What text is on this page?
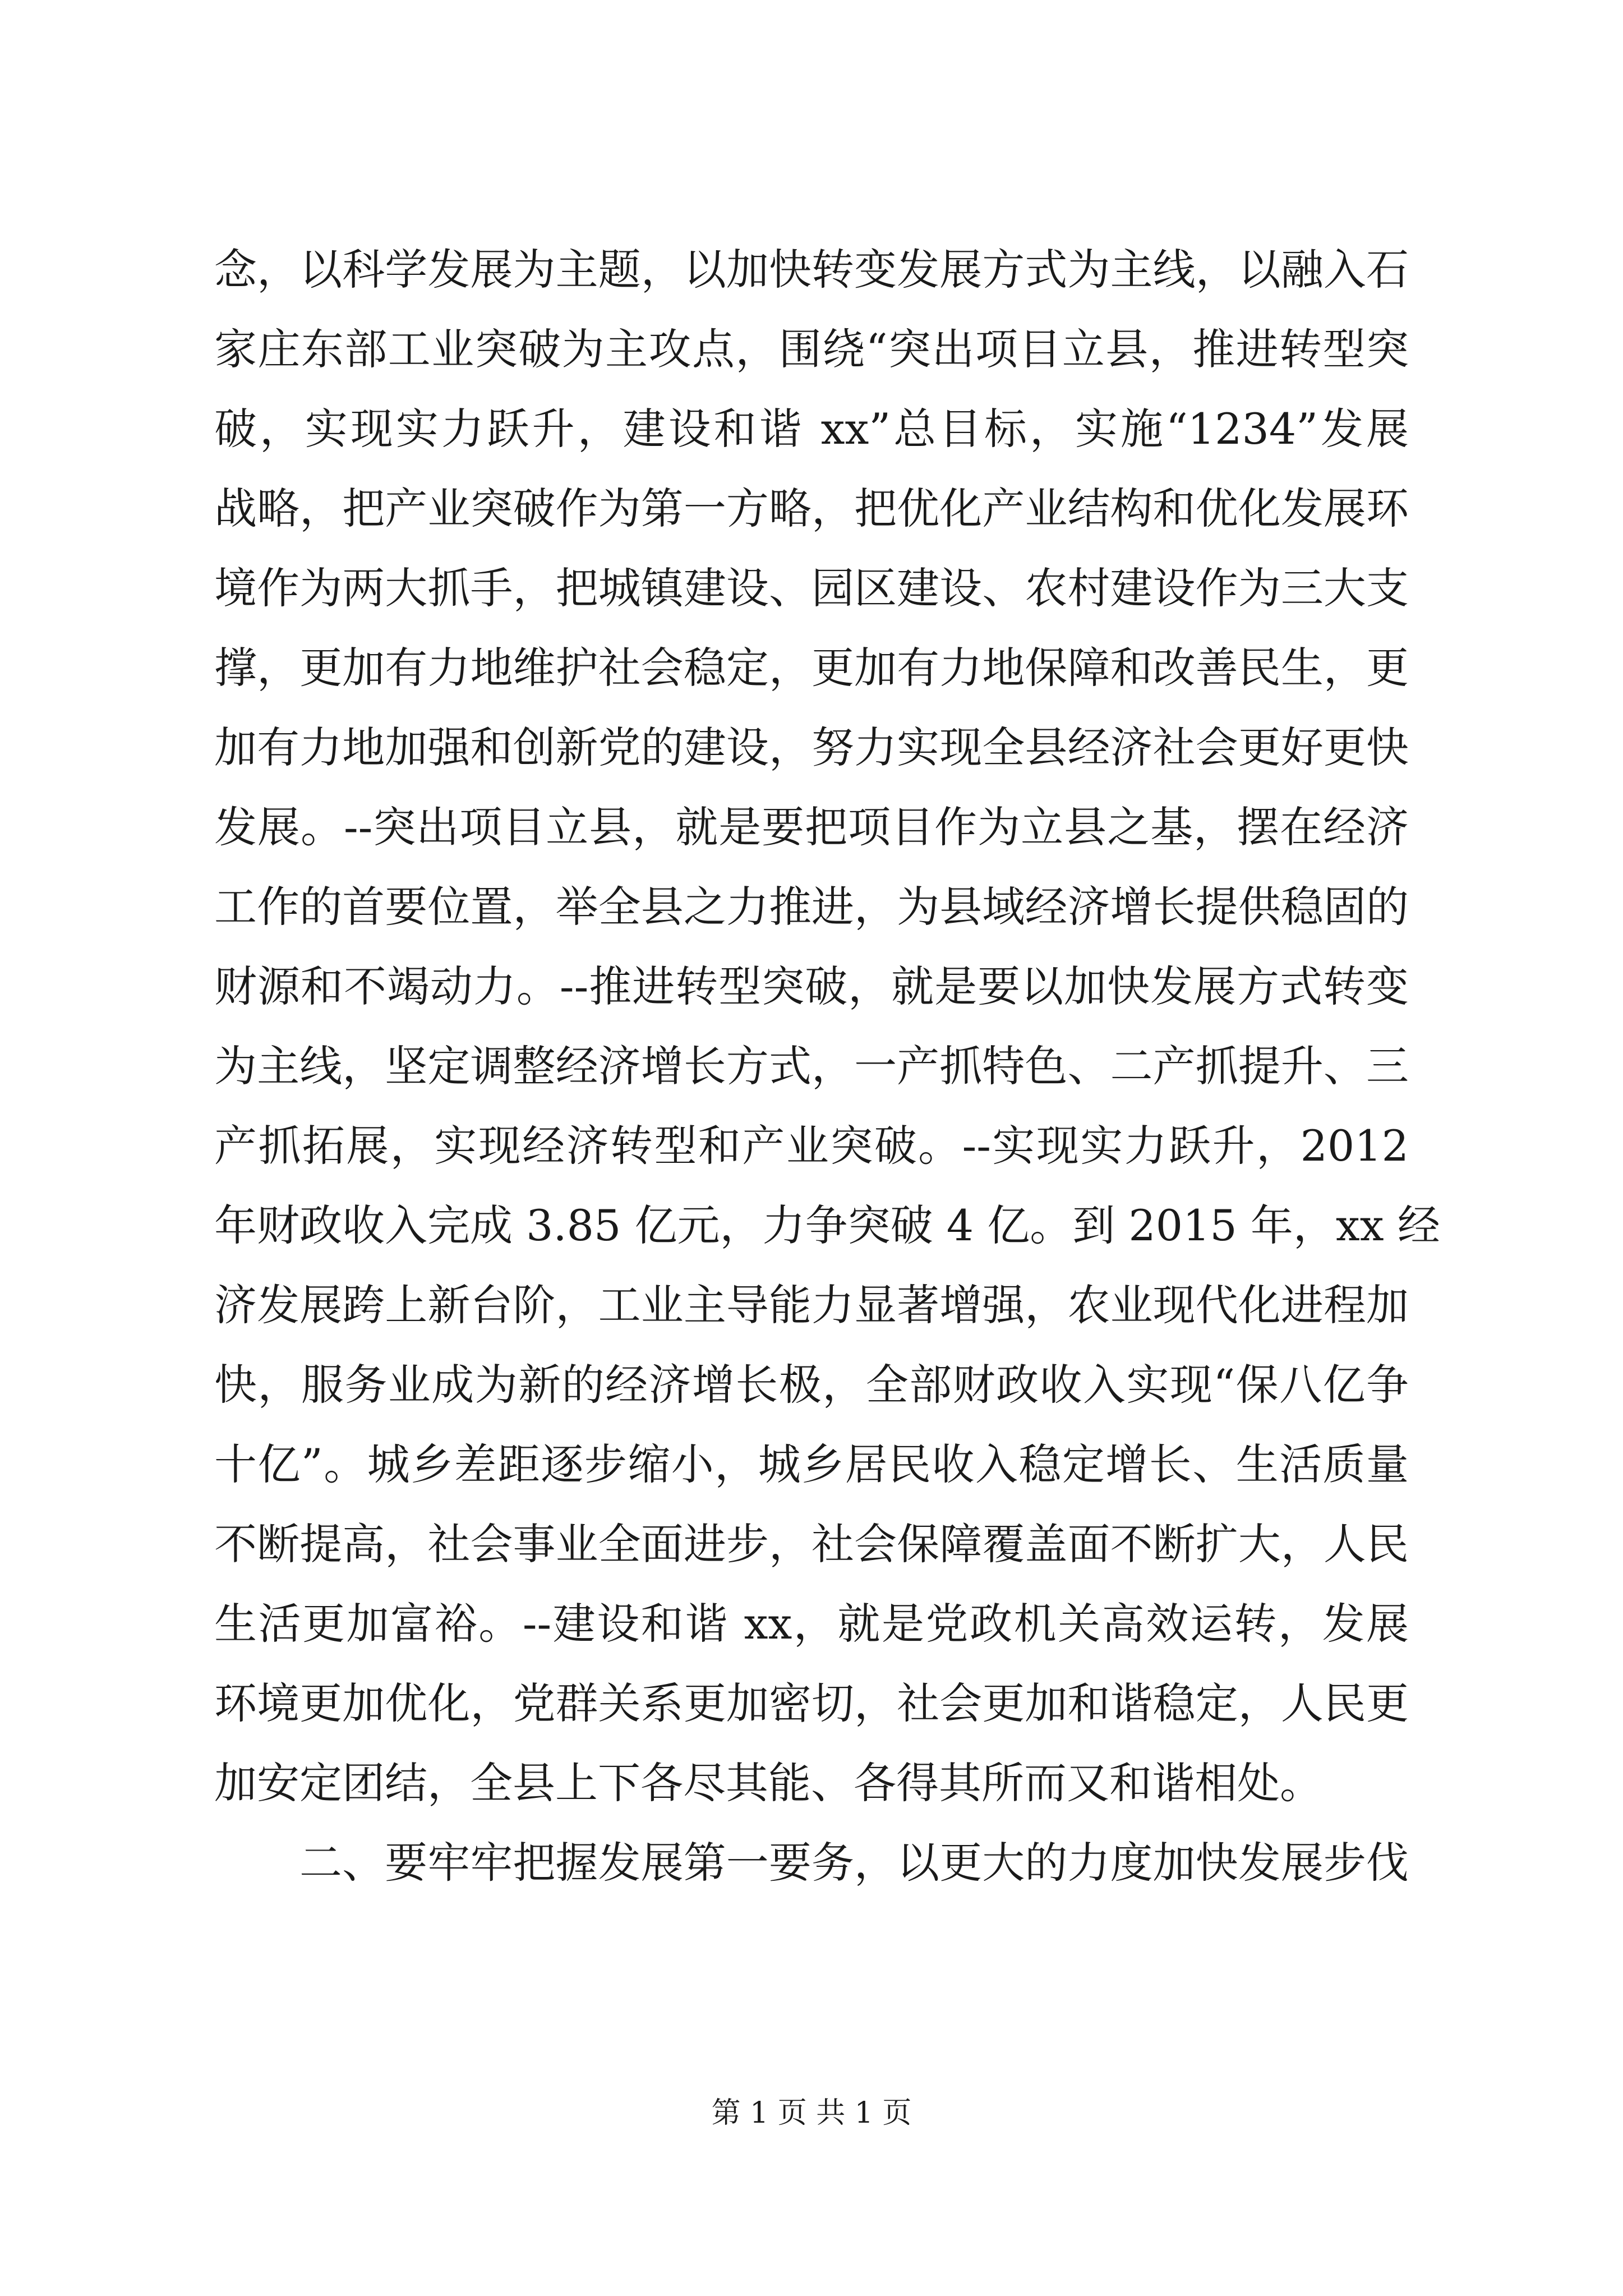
念，以科学发展为主题，以加快转变发展方式为主线，以融入石
家庄东部工业突破为主攻点，围绕“突出项目立县，推进转型突
破，实现实力跃升，建设和谐 xx”总目标，实施“1234”发展
战略，把产业突破作为第一方略，把优化产业结构和优化发展环
境作为两大抓手，把城镇建设、园区建设、农村建设作为三大支
撑，更加有力地维护社会稳定，更加有力地保障和改善民生，更
加有力地加强和创新党的建设，努力实现全县经济社会更好更快
发展。--突出项目立县，就是要把项目作为立县之基，摆在经济
工作的首要位置，举全县之力推进，为县域经济增长提供稳固的
财源和不竭动力。--推进转型突破，就是要以加快发展方式转变
为主线，坚定调整经济增长方式，一产抓特色、二产抓提升、三
产抓拓展，实现经济转型和产业突破。--实现实力跃升，2012
年财政收入完成 3.85 亿元，力争突破 4 亿。到 2015 年，xx 经
济发展跨上新台阶，工业主导能力显著增强，农业现代化进程加
快，服务业成为新的经济增长极，全部财政收入实现“保八亿争
十亿”。城乡差距逐步缩小，城乡居民收入稳定增长、生活质量
不断提高，社会事业全面进步，社会保障覆盖面不断扩大，人民
生活更加富裕。--建设和谐 xx，就是党政机关高效运转，发展
环境更加优化，党群关系更加密切，社会更加和谐稳定，人民更
加安定团结，全县上下各尽其能、各得其所而又和谐相处。
二、要牢牢把握发展第一要务，以更大的力度加快发展步伐
第 1 页 共 1 页
